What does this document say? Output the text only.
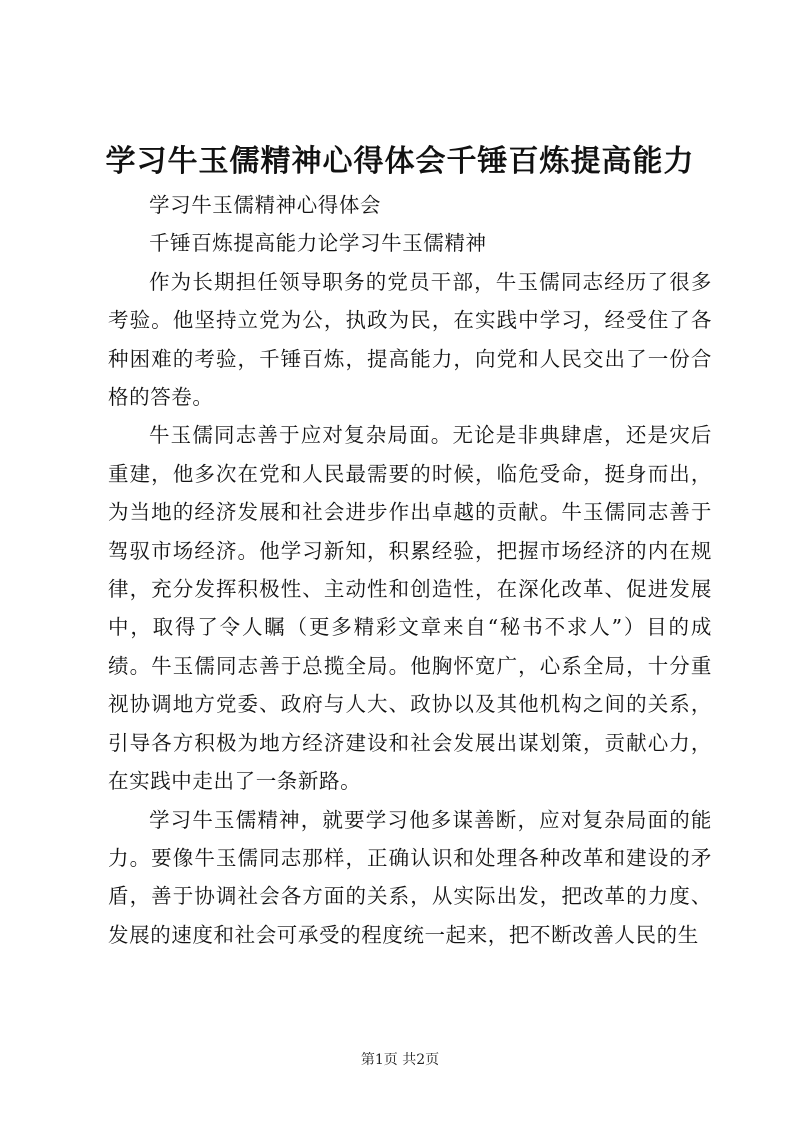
学习牛玉儒精神心得体会千锤百炼提高能力

学习牛玉儒精神心得体会

千锤百炼提高能力论学习牛玉儒精神

作为长期担任领导职务的党员干部，牛玉儒同志经历了很多考验。他坚持立党为公，执政为民，在实践中学习，经受住了各种困难的考验，千锤百炼，提高能力，向党和人民交出了一份合格的答卷。

牛玉儒同志善于应对复杂局面。无论是非典肆虐，还是灾后重建，他多次在党和人民最需要的时候，临危受命，挺身而出，为当地的经济发展和社会进步作出卓越的贡献。牛玉儒同志善于驾驭市场经济。他学习新知，积累经验，把握市场经济的内在规律，充分发挥积极性、主动性和创造性，在深化改革、促进发展中，取得了令人瞩（更多精彩文章来自“秘书不求人”）目的成绩。牛玉儒同志善于总揽全局。他胸怀宽广，心系全局，十分重视协调地方党委、政府与人大、政协以及其他机构之间的关系，引导各方积极为地方经济建设和社会发展出谋划策，贡献心力，在实践中走出了一条新路。

学习牛玉儒精神，就要学习他多谋善断，应对复杂局面的能力。要像牛玉儒同志那样，正确认识和处理各种改革和建设的矛盾，善于协调社会各方面的关系，从实际出发，把改革的力度、发展的速度和社会可承受的程度统一起来，把不断改善人民的生

第1页 共2页
